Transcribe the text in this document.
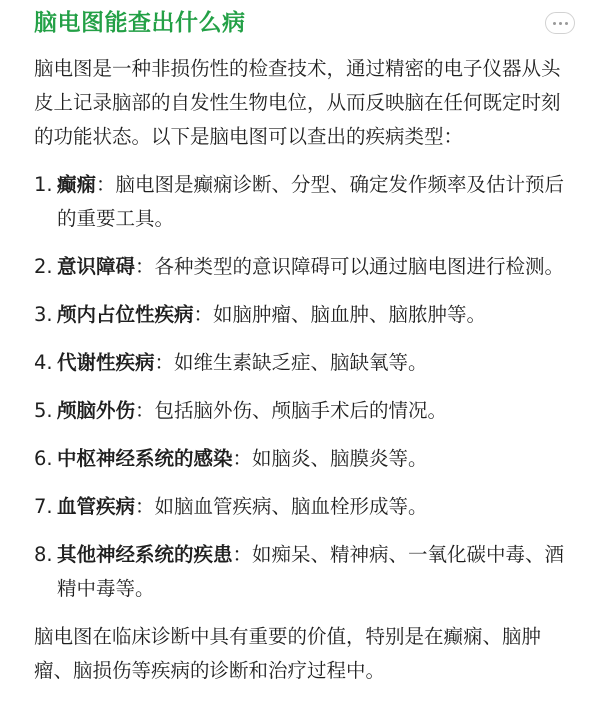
脑电图能查出什么病

脑电图是一种非损伤性的检查技术，通过精密的电子仪器从头皮上记录脑部的自发性生物电位，从而反映脑在任何既定时刻的功能状态。以下是脑电图可以查出的疾病类型：

1. 癫痫：脑电图是癫痫诊断、分型、确定发作频率及估计预后的重要工具。
2. 意识障碍：各种类型的意识障碍可以通过脑电图进行检测。
3. 颅内占位性疾病：如脑肿瘤、脑血肿、脑脓肿等。
4. 代谢性疾病：如维生素缺乏症、脑缺氧等。
5. 颅脑外伤：包括脑外伤、颅脑手术后的情况。
6. 中枢神经系统的感染：如脑炎、脑膜炎等。
7. 血管疾病：如脑血管疾病、脑血栓形成等。
8. 其他神经系统的疾患：如痴呆、精神病、一氧化碳中毒、酒精中毒等。

脑电图在临床诊断中具有重要的价值，特别是在癫痫、脑肿瘤、脑损伤等疾病的诊断和治疗过程中。
